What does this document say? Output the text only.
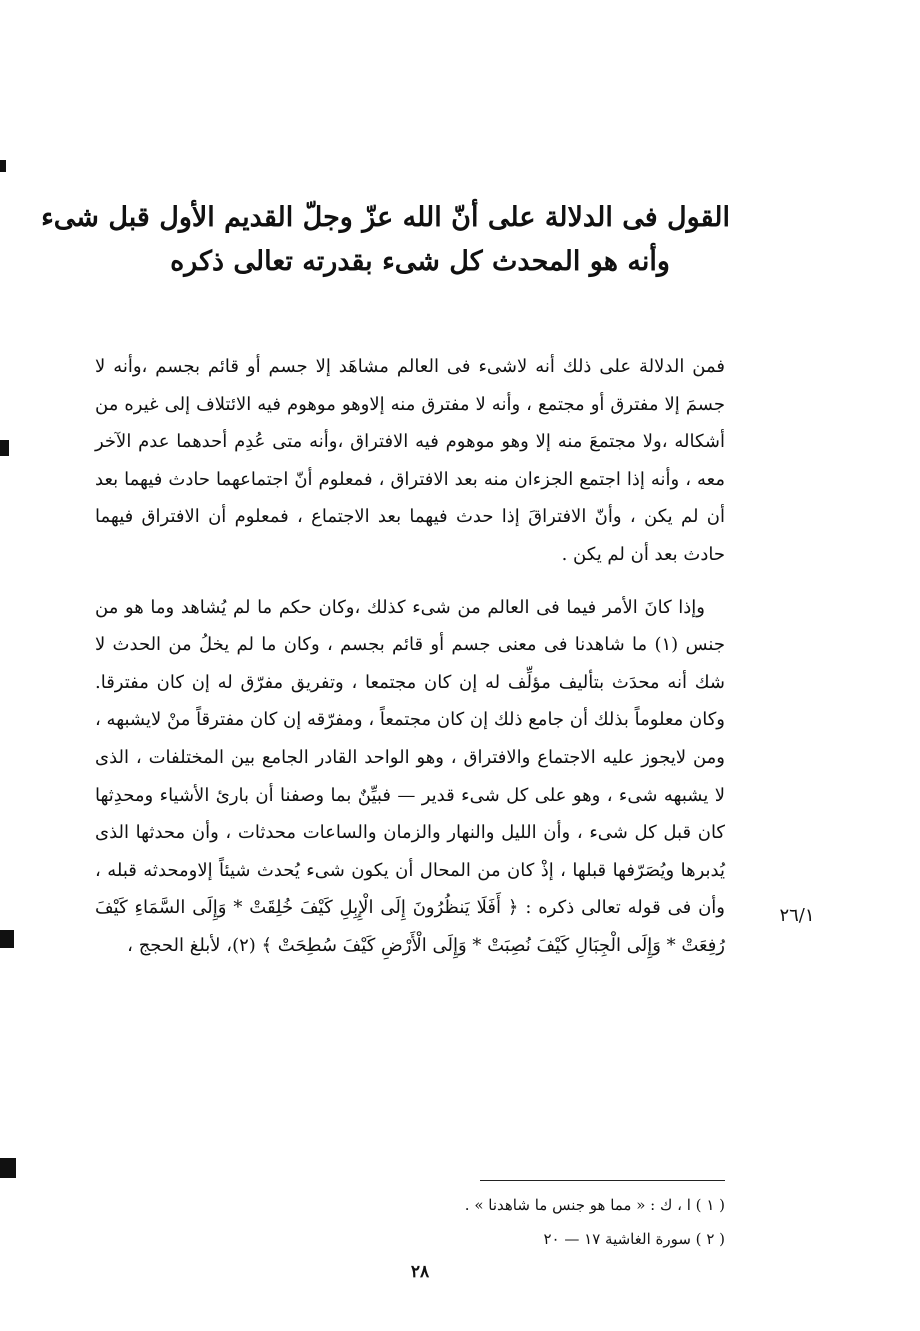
القول فى الدلالة على أنّ الله عزّ وجلّ القديم الأول قبل شىء
وأنه هو المحدث كل شىء بقدرته تعالى ذكره

فمن الدلالة على ذلك أنه لاشىء فى العالم مشاهَد إلا جسم أو قائم بجسم ،وأنه لا جسمَ إلا مفترق أو مجتمع ، وأنه لا مفترق منه إلاوهو موهوم فيه الائتلاف إلى غيره من أشكاله ،ولا مجتمعَ منه إلا وهو موهوم فيه الافتراق ،وأنه متى عُدِم أحدهما عدم الآخر معه ، وأنه إذا اجتمع الجزءان منه بعد الافتراق ، فمعلوم أنّ اجتماعهما حادث فيهما بعد أن لم يكن ، وأنّ الافتراقَ إذا حدث فيهما بعد الاجتماع ، فمعلوم أن الافتراق فيهما حادث بعد أن لم يكن .

وإذا كانَ الأمر فيما فى العالم من شىء كذلك ،وكان حكم ما لم يُشاهد وما هو من جنس (١) ما شاهدنا فى معنى جسم أو قائم بجسم ، وكان ما لم يخلُ من الحدث لا شك أنه محدَث بتأليف مؤلِّف له إن كان مجتمعا ، وتفريق مفرّق له إن كان مفترقا. وكان معلوماً بذلك أن جامع ذلك إن كان مجتمعاً ، ومفرّقه إن كان مفترقاً منْ لايشبهه ، ومن لايجوز عليه الاجتماع والافتراق ، وهو الواحد القادر الجامع بين المختلفات ، الذى لا يشبهه شىء ، وهو على كل شىء قدير — فبيِّنٌ بما وصفنا أن بارئ الأشياء ومحدِثها كان قبل كل شىء ، وأن الليل والنهار والزمان والساعات محدثات ، وأن محدثها الذى يُدبرها ويُصَرّفها قبلها ، إذْ كان من المحال أن يكون شىء يُحدث شيئاً إلاومحدثه قبله ، وأن فى قوله تعالى ذكره : ﴿ أَفَلَا يَنظُرُونَ إِلَى الْإِبِلِ كَيْفَ خُلِقَتْ * وَإِلَى السَّمَاءِ كَيْفَ رُفِعَتْ * وَإِلَى الْجِبَالِ كَيْفَ نُصِبَتْ * وَإِلَى الْأَرْضِ كَيْفَ سُطِحَتْ ﴾ (٢)، لأبلغ الحجج ،

٢٦/١
( ١ ) ا ، ك : « مما هو جنس ما شاهدنا » .
( ٢ ) سورة الغاشية ١٧ — ٢٠
٢٨
